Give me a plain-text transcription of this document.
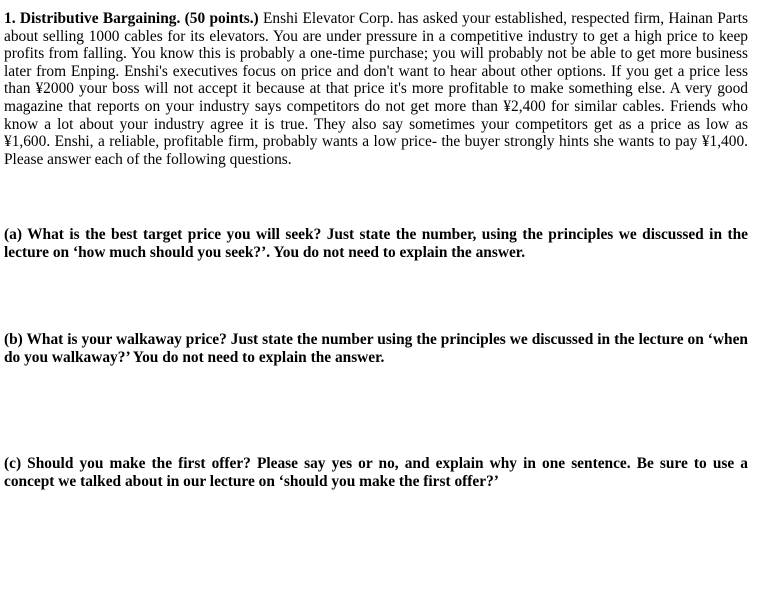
1. Distributive Bargaining. (50 points.) Enshi Elevator Corp. has asked your established, respected firm, Hainan Parts about selling 1000 cables for its elevators. You are under pressure in a competitive industry to get a high price to keep profits from falling. You know this is probably a one-time purchase; you will probably not be able to get more business later from Enping. Enshi's executives focus on price and don't want to hear about other options. If you get a price less than ¥2000 your boss will not accept it because at that price it's more profitable to make something else. A very good magazine that reports on your industry says competitors do not get more than ¥2,400 for similar cables. Friends who know a lot about your industry agree it is true. They also say sometimes your competitors get as a price as low as ¥1,600. Enshi, a reliable, profitable firm, probably wants a low price- the buyer strongly hints she wants to pay ¥1,400. Please answer each of the following questions.

(a) What is the best target price you will seek? Just state the number, using the principles we discussed in the lecture on ‘how much should you seek?’. You do not need to explain the answer.

(b) What is your walkaway price? Just state the number using the principles we discussed in the lecture on ‘when do you walkaway?’ You do not need to explain the answer.

(c) Should you make the first offer? Please say yes or no, and explain why in one sentence. Be sure to use a concept we talked about in our lecture on ‘should you make the first offer?’
